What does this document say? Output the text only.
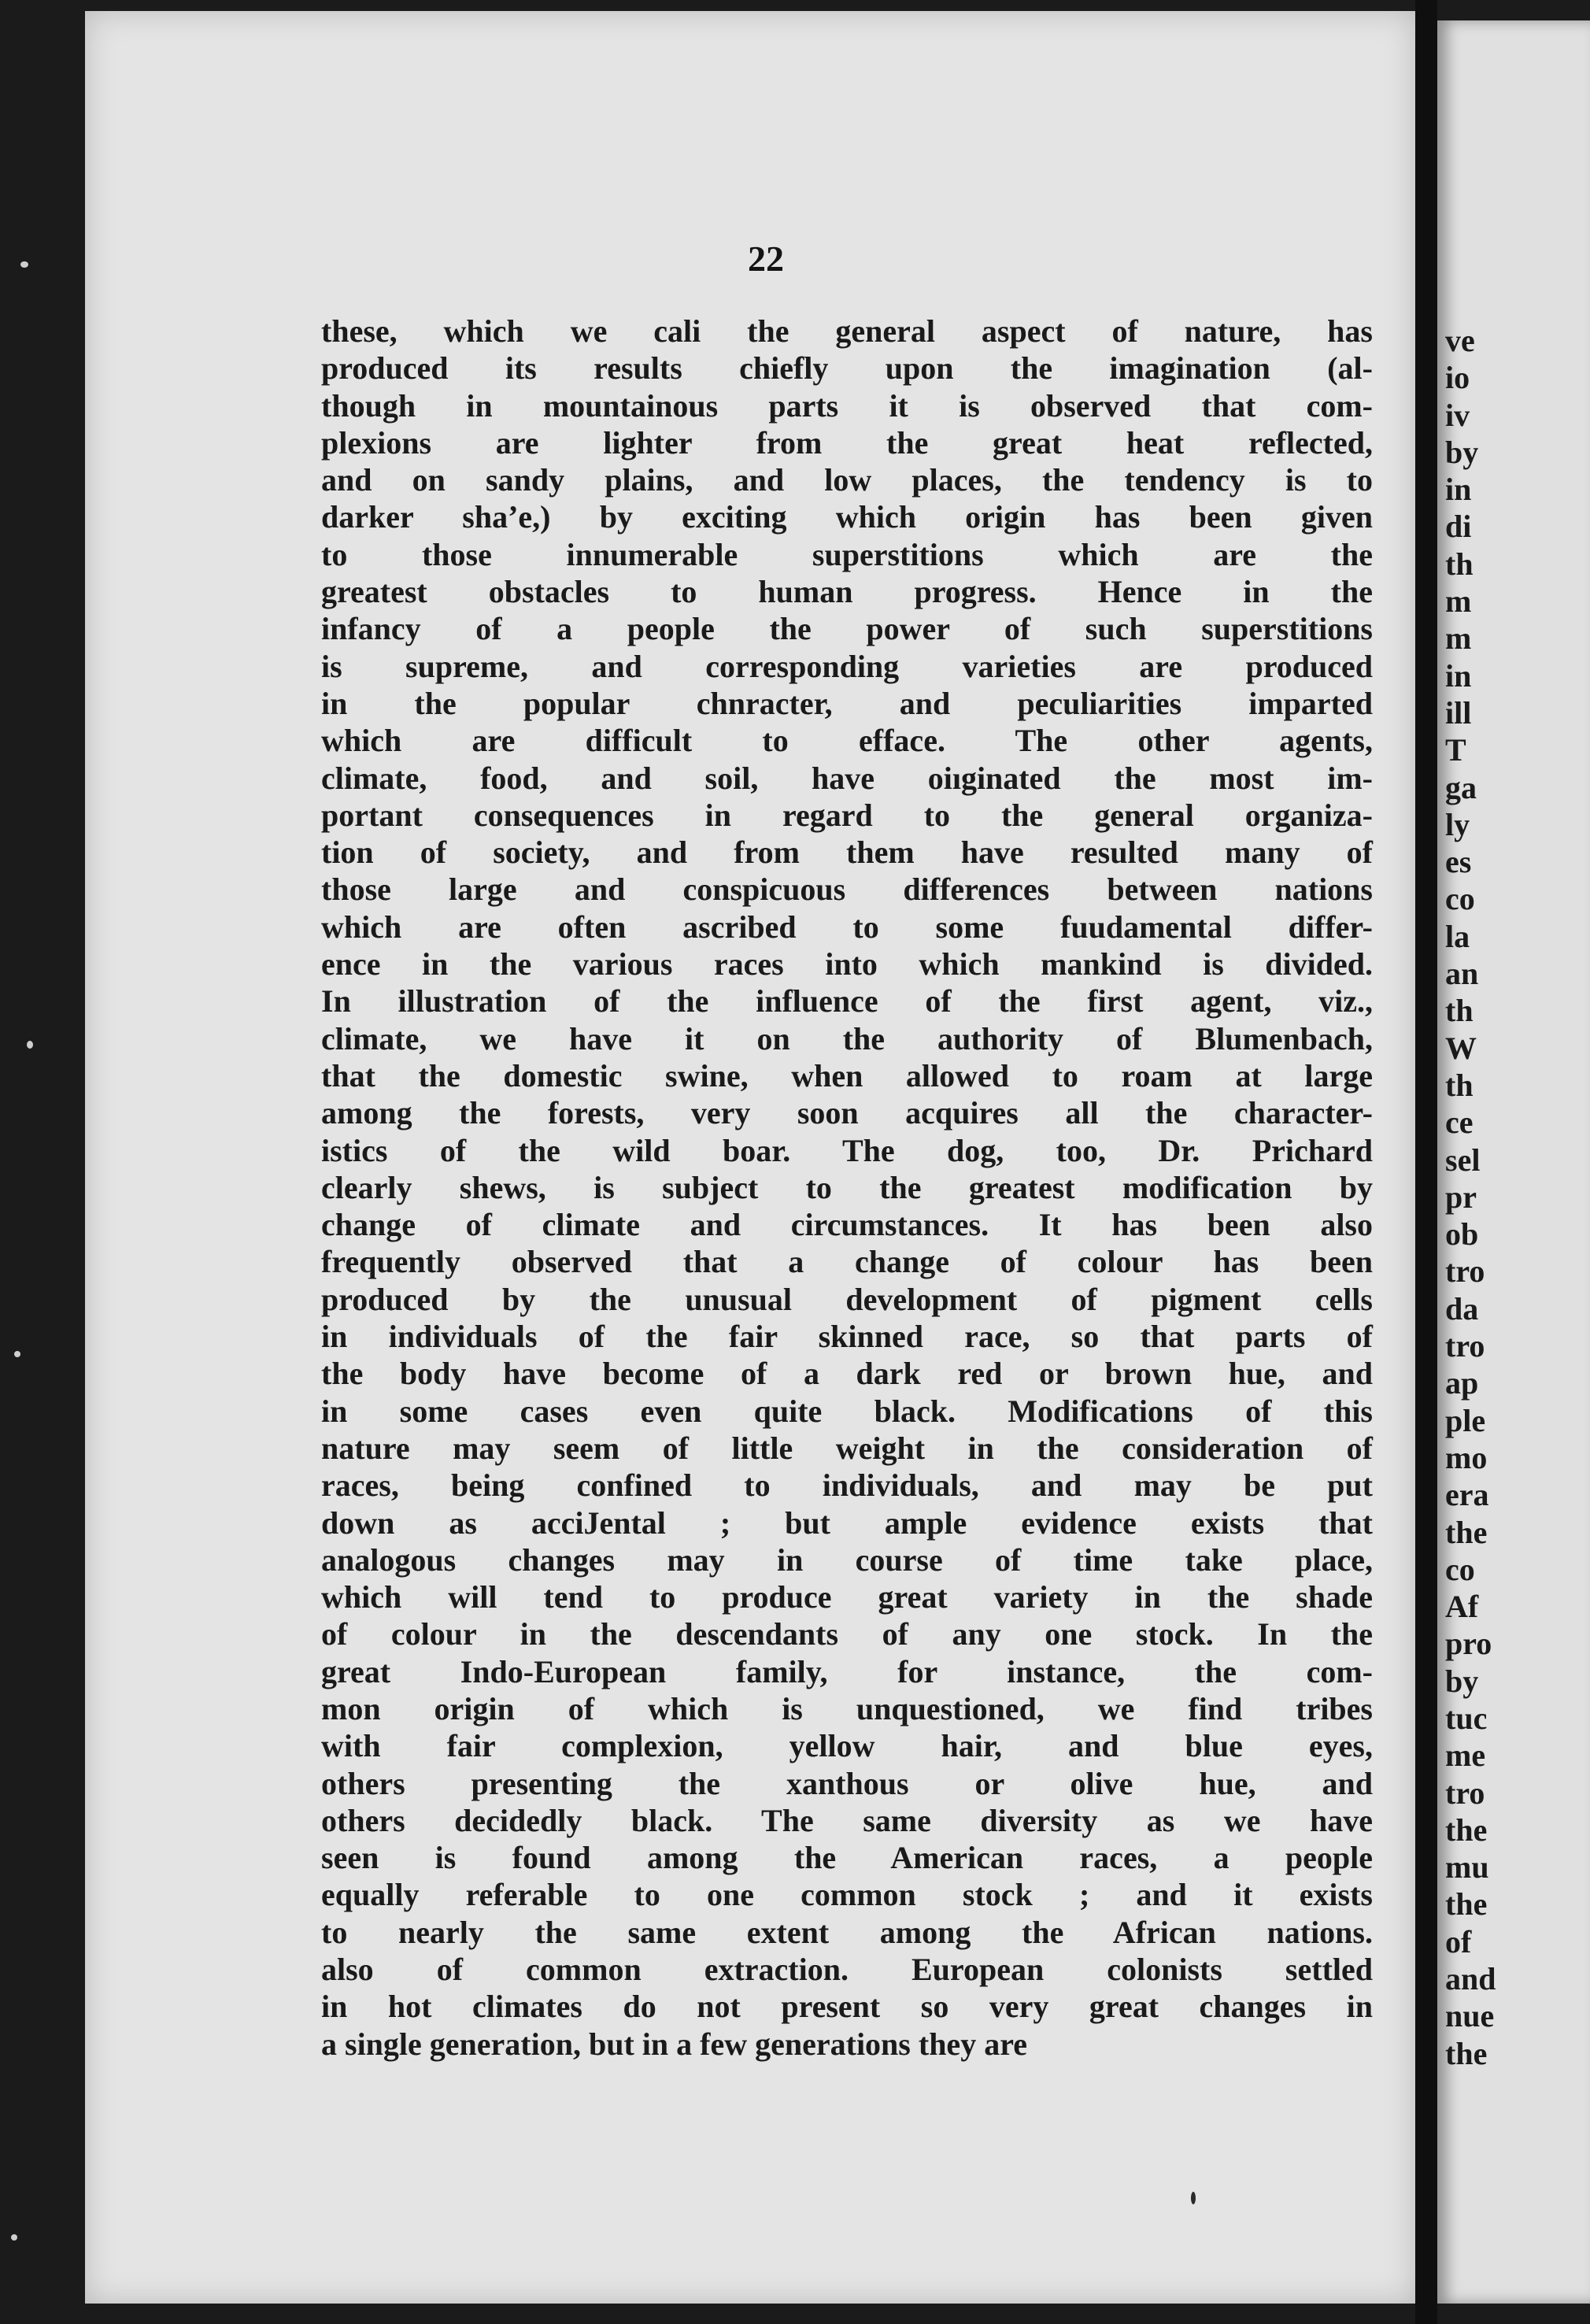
22
these, which we cali the general aspect of nature, has
produced its results chiefly upon the imagination (al-
though in mountainous parts it is observed that com-
plexions are lighter from the great heat reflected,
and on sandy plains, and low places, the tendency is to
darker shaʼe,) by exciting which origin has been given
to those innumerable superstitions which are the
greatest obstacles to human progress. Hence in the
infancy of a people the power of such superstitions
is supreme, and corresponding varieties are produced
in the popular chnracter, and peculiarities imparted
which are difficult to efface. The other agents,
climate, food, and soil, have oiıginated the most im-
portant consequences in regard to the general organiza-
tion of society, and from them have resulted many of
those large and conspicuous differences between nations
which are often ascribed to some fuudamental differ-
ence in the various races into which mankind is divided.
In illustration of the influence of the first agent, viz.,
climate, we have it on the authority of Blumenbach,
that the domestic swine, when allowed to roam at large
among the forests, very soon acquires all the character-
istics of the wild boar. The dog, too, Dr. Prichard
clearly shews, is subject to the greatest modification by
change of climate and circumstances. It has been also
frequently observed that a change of colour has been
produced by the unusual development of pigment cells
in individuals of the fair skinned race, so that parts of
the body have become of a dark red or brown hue, and
in some cases even quite black. Modifications of this
nature may seem of little weight in the consideration of
races, being confined to individuals, and may be put
down as acciJental ; but ample evidence exists that
analogous changes may in course of time take place,
which will tend to produce great variety in the shade
of colour in the descendants of any one stock. In the
great Indo-European family, for instance, the com-
mon origin of which is unquestioned, we find tribes
with fair complexion, yellow hair, and blue eyes,
others presenting the xanthous or olive hue, and
others decidedly black. The same diversity as we have
seen is found among the American races, a people
equally referable to one common stock ; and it exists
to nearly the same extent among the African nations.
also of common extraction. European colonists settled
in hot climates do not present so very great changes in
a single generation, but in a few generations they are
vе
io
iv
by
in
di
th
m
m
in
ill
T
ga
ly
es
co
la
an
th
W
th
ce
sel
pr
ob
tro
da
tro
ap
ple
mo
era
the
co
Af
pro
by
tuc
me
tro
the
mu
the
of
and
nue
the
